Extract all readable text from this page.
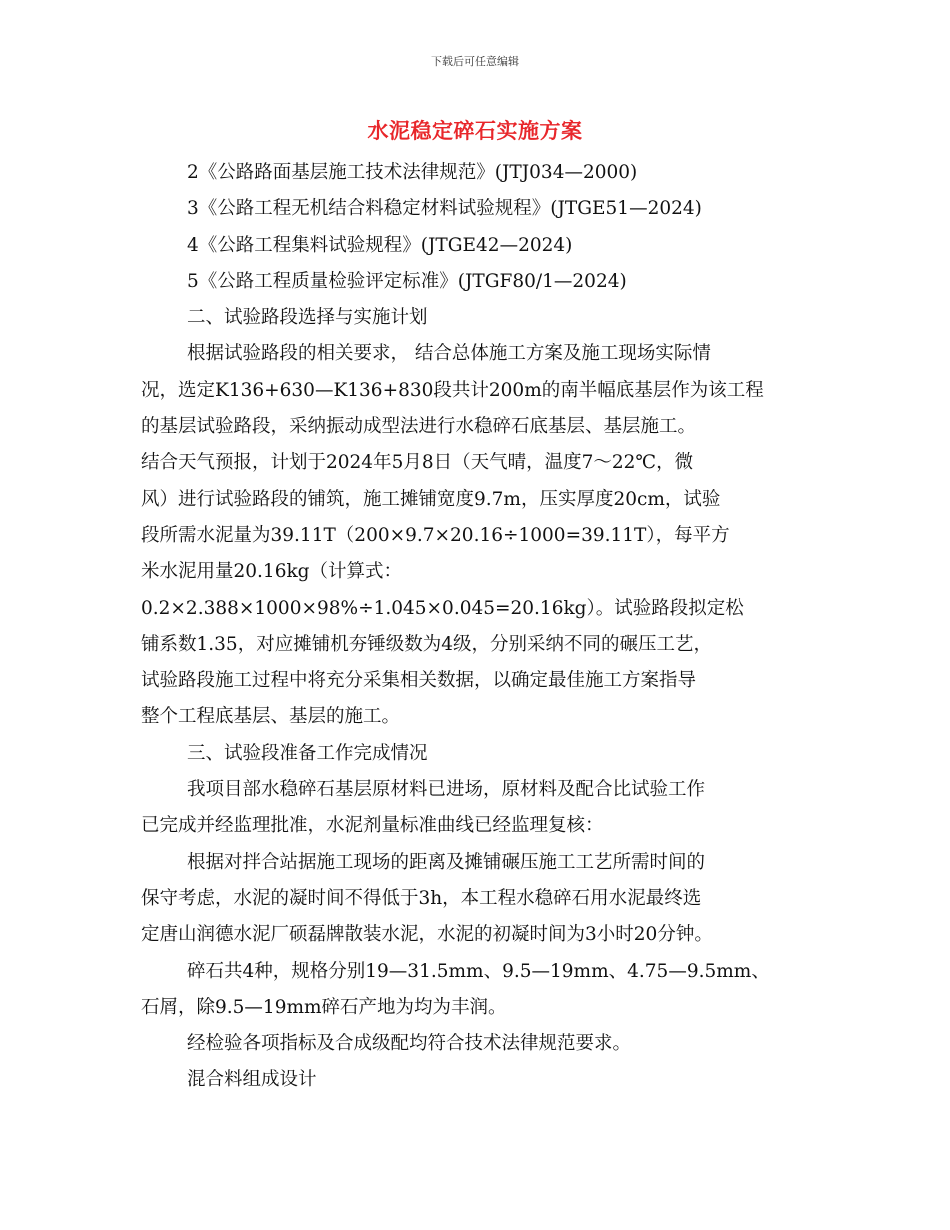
下载后可任意编辑
水泥稳定碎石实施方案
2《公路路面基层施工技术法律规范》(JTJ034—2000)
3《公路工程无机结合料稳定材料试验规程》(JTGE51—2024)
4《公路工程集料试验规程》(JTGE42—2024)
5《公路工程质量检验评定标准》(JTGF80/1—2024)
二、试验路段选择与实施计划
根据试验路段的相关要求， 结合总体施工方案及施工现场实际情
况，选定K136+630—K136+830段共计200m的南半幅底基层作为该工程
的基层试验路段，采纳振动成型法进行水稳碎石底基层、基层施工。
结合天气预报，计划于2024年5月8日（天气晴，温度7～22℃，微
风）进行试验路段的铺筑，施工摊铺宽度9.7m，压实厚度20cm，试验
段所需水泥量为39.11T（200×9.7×20.16÷1000=39.11T），每平方
米水泥用量20.16kg（计算式：
0.2×2.388×1000×98%÷1.045×0.045=20.16kg）。试验路段拟定松
铺系数1.35，对应摊铺机夯锤级数为4级，分别采纳不同的碾压工艺，
试验路段施工过程中将充分采集相关数据，以确定最佳施工方案指导
整个工程底基层、基层的施工。
三、试验段准备工作完成情况
我项目部水稳碎石基层原材料已进场，原材料及配合比试验工作
已完成并经监理批准，水泥剂量标准曲线已经监理复核：
根据对拌合站据施工现场的距离及摊铺碾压施工工艺所需时间的
保守考虑，水泥的凝时间不得低于3h，本工程水稳碎石用水泥最终选
定唐山润德水泥厂硕磊牌散装水泥，水泥的初凝时间为3小时20分钟。
碎石共4种，规格分别19—31.5mm、9.5—19mm、4.75—9.5mm、
石屑，除9.5—19mm碎石产地为均为丰润。
经检验各项指标及合成级配均符合技术法律规范要求。
混合料组成设计
